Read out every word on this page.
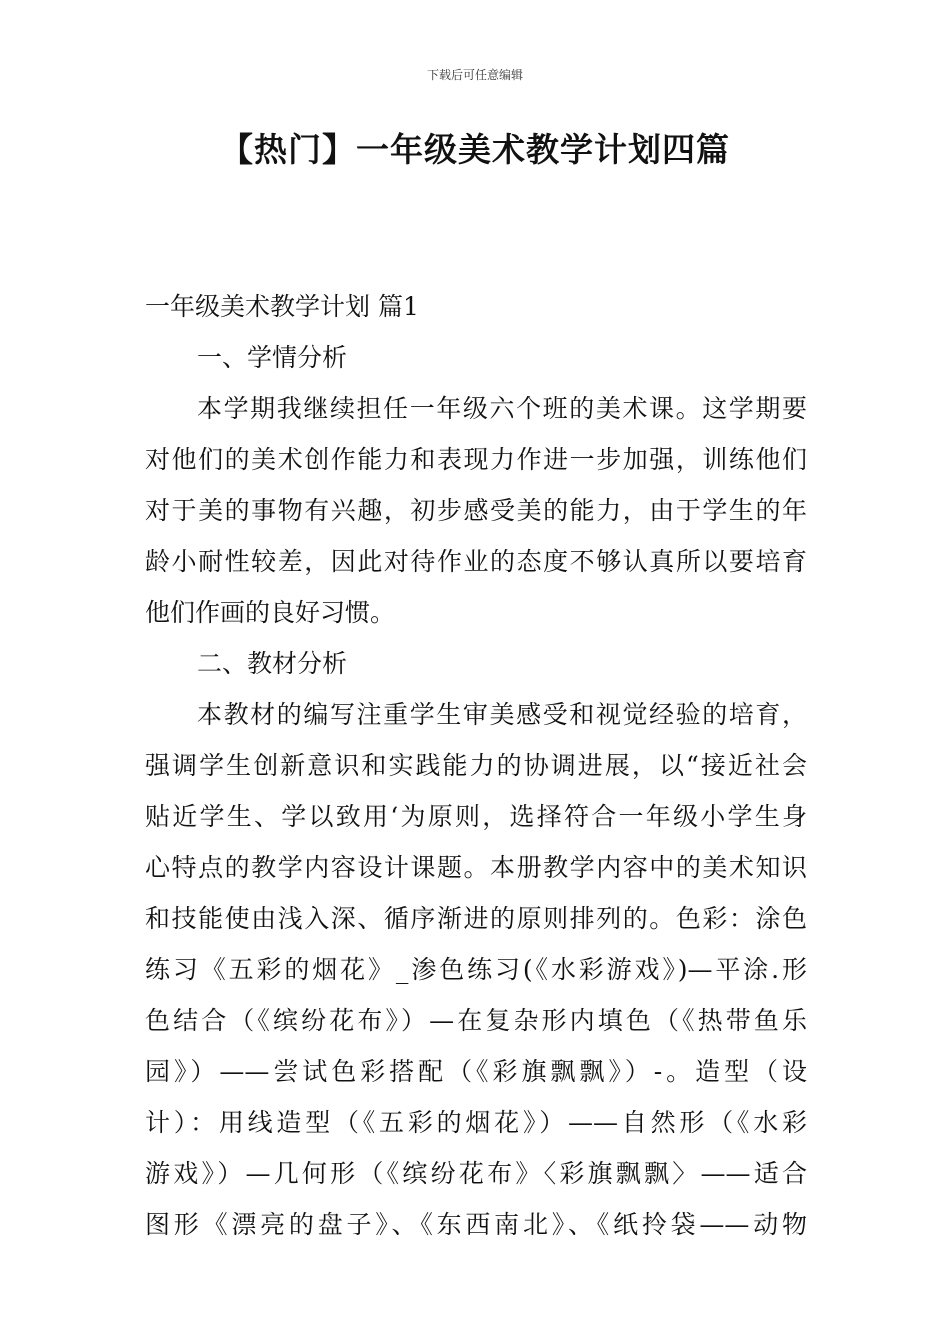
下载后可任意编辑
【热门】一年级美术教学计划四篇
一年级美术教学计划 篇1
一、学情分析
本学期我继续担任一年级六个班的美术课。这学期要
对他们的美术创作能力和表现力作进一步加强，训练他们
对于美的事物有兴趣，初步感受美的能力，由于学生的年
龄小耐性较差，因此对待作业的态度不够认真所以要培育
他们作画的良好习惯。
二、教材分析
本教材的编写注重学生审美感受和视觉经验的培育，
强调学生创新意识和实践能力的协调进展，以“接近社会
贴近学生、学以致用‘为原则，选择符合一年级小学生身
心特点的教学内容设计课题。本册教学内容中的美术知识
和技能使由浅入深、循序渐进的原则排列的。色彩：涂色
练习《五彩的烟花》_渗色练习(《水彩游戏》)—平涂.形
色结合（《缤纷花布》）—在复杂形内填色（《热带鱼乐
园》）——尝试色彩搭配（《彩旗飘飘》）-。造型（设
计）：用线造型（《五彩的烟花》）——自然形（《水彩
游戏》）—几何形（《缤纷花布》〈彩旗飘飘〉——适合
图形《漂亮的盘子》、《东西南北》、《纸拎袋——动物
